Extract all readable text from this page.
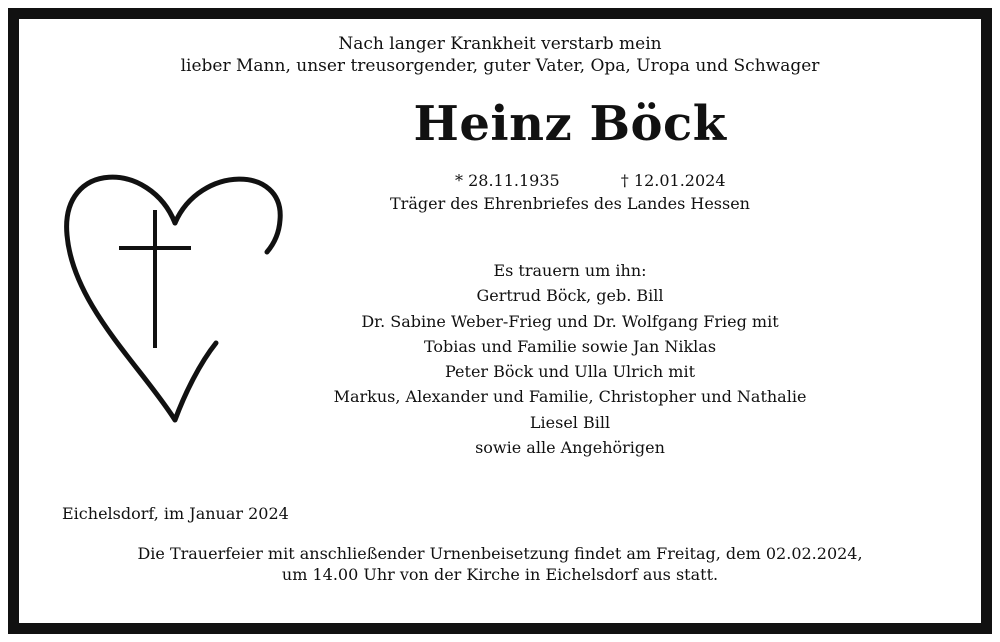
Nach langer Krankheit verstarb mein
lieber Mann, unser treusorgender, guter Vater, Opa, Uropa und Schwager
Heinz Böck
* 28.11.1935	† 12.01.2024
Träger des Ehrenbriefes des Landes Hessen
Es trauern um ihn:
Gertrud Böck, geb. Bill
Dr. Sabine Weber-Frieg und Dr. Wolfgang Frieg mit
Tobias und Familie sowie Jan Niklas
Peter Böck und Ulla Ulrich mit
Markus, Alexander und Familie, Christopher und Nathalie
Liesel Bill
sowie alle Angehörigen
Eichelsdorf, im Januar 2024
Die Trauerfeier mit anschließender Urnenbeisetzung findet am Freitag, dem 02.02.2024,
um 14.00 Uhr von der Kirche in Eichelsdorf aus statt.
